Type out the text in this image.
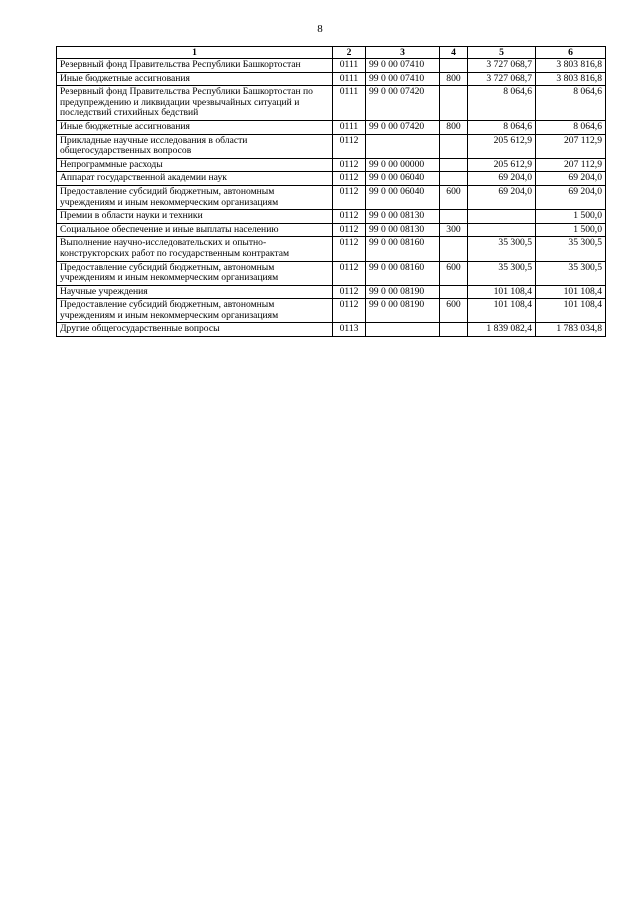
8
1	2	3	4	5	6
Резервный фонд Правительства Республики Башкортостан	0111	99 0 00 07410		3 727 068,7	3 803 816,8
Иные бюджетные ассигнования	0111	99 0 00 07410	800	3 727 068,7	3 803 816,8
Резервный фонд Правительства Республики Башкортостан по предупреждению и ликвидации чрезвычайных ситуаций и последствий стихийных бедствий	0111	99 0 00 07420		8 064,6	8 064,6
Иные бюджетные ассигнования	0111	99 0 00 07420	800	8 064,6	8 064,6
Прикладные научные исследования в области общегосударственных вопросов	0112			205 612,9	207 112,9
Непрограммные расходы	0112	99 0 00 00000		205 612,9	207 112,9
Аппарат государственной академии наук	0112	99 0 00 06040		69 204,0	69 204,0
Предоставление субсидий бюджетным, автономным учреждениям и иным некоммерческим организациям	0112	99 0 00 06040	600	69 204,0	69 204,0
Премии в области науки и техники	0112	99 0 00 08130			1 500,0
Социальное обеспечение и иные выплаты населению	0112	99 0 00 08130	300		1 500,0
Выполнение научно-исследовательских и опытно-конструкторских работ по государственным контрактам	0112	99 0 00 08160		35 300,5	35 300,5
Предоставление субсидий бюджетным, автономным учреждениям и иным некоммерческим организациям	0112	99 0 00 08160	600	35 300,5	35 300,5
Научные учреждения	0112	99 0 00 08190		101 108,4	101 108,4
Предоставление субсидий бюджетным, автономным учреждениям и иным некоммерческим организациям	0112	99 0 00 08190	600	101 108,4	101 108,4
Другие общегосударственные вопросы	0113			1 839 082,4	1 783 034,8
